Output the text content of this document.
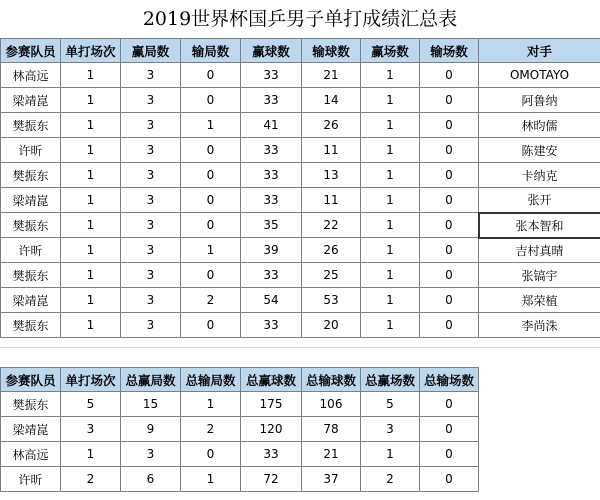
2019世界杯国乒男子单打成绩汇总表
参赛队员	单打场次	赢局数	输局数	赢球数	输球数	赢场数	输场数	对手
林高远	1	3	0	33	21	1	0	OMOTAYO
梁靖崑	1	3	0	33	14	1	0	阿鲁纳
樊振东	1	3	1	41	26	1	0	林昀儒
许昕	1	3	0	33	11	1	0	陈建安
樊振东	1	3	0	33	13	1	0	卡纳克
梁靖崑	1	3	0	33	11	1	0	张开
樊振东	1	3	0	35	22	1	0	张本智和
许昕	1	3	1	39	26	1	0	吉村真晴
樊振东	1	3	0	33	25	1	0	张镐宇
梁靖崑	1	3	2	54	53	1	0	郑荣植
樊振东	1	3	0	33	20	1	0	李尚洙
参赛队员	单打场次	总赢局数	总输局数	总赢球数	总输球数	总赢场数	总输场数
樊振东	5	15	1	175	106	5	0
梁靖崑	3	9	2	120	78	3	0
林高远	1	3	0	33	21	1	0
许昕	2	6	1	72	37	2	0
